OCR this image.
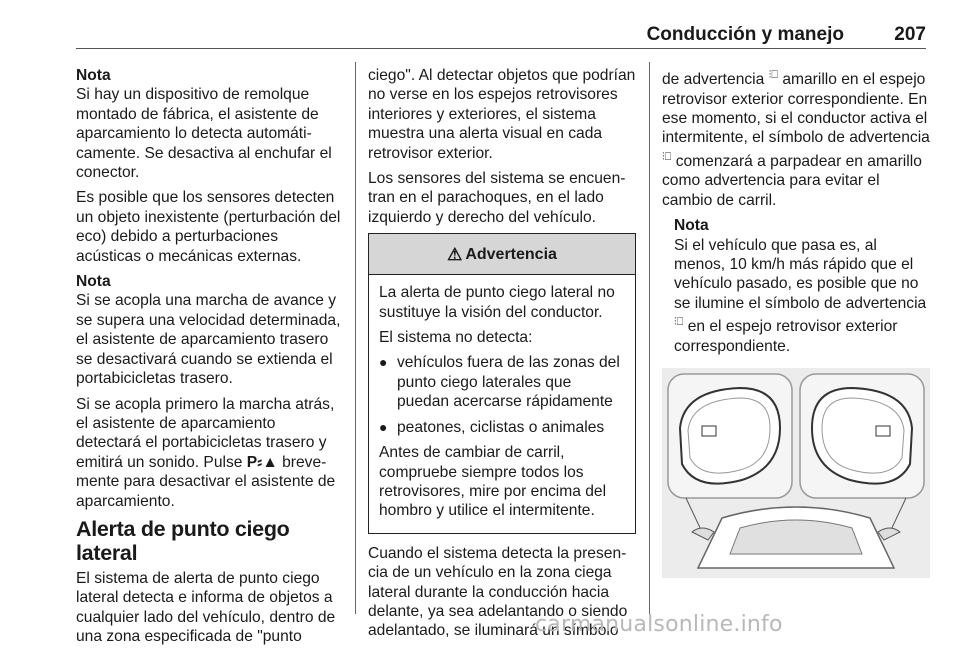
Conducción y manejo	207

Nota

Si hay un dispositivo de remolque montado de fábrica, el asistente de aparcamiento lo detecta automáticamente. Se desactiva al enchufar el conector.

Es posible que los sensores detecten un objeto inexistente (perturbación del eco) debido a perturbaciones acústicas o mecánicas externas.

Nota

Si se acopla una marcha de avance y se supera una velocidad determinada, el asistente de aparcamiento trasero se desactivará cuando se extienda el portabicicletas trasero.

Si se acopla primero la marcha atrás, el asistente de aparcamiento detectará el portabicicletas trasero y emitirá un sonido. Pulse P⸗▲ brevemente para desactivar el asistente de aparcamiento.

Alerta de punto ciego lateral

El sistema de alerta de punto ciego lateral detecta e informa de objetos a cualquier lado del vehículo, dentro de una zona especificada de "punto

ciego". Al detectar objetos que podrían no verse en los espejos retrovisores interiores y exteriores, el sistema muestra una alerta visual en cada retrovisor exterior.

Los sensores del sistema se encuentran en el parachoques, en el lado izquierdo y derecho del vehículo.

⚠ Advertencia

La alerta de punto ciego lateral no sustituye la visión del conductor.

El sistema no detecta:

● vehículos fuera de las zonas del punto ciego laterales que puedan acercarse rápidamente
● peatones, ciclistas o animales

Antes de cambiar de carril, compruebe siempre todos los retrovisores, mire por encima del hombro y utilice el intermitente.

Cuando el sistema detecta la presencia de un vehículo en la zona ciega lateral durante la conducción hacia delante, ya sea adelantando o siendo adelantado, se iluminará un símbolo

de advertencia ⫶⎕ amarillo en el espejo retrovisor exterior correspondiente. En ese momento, si el conductor activa el intermitente, el símbolo de advertencia ⫶⎕ comenzará a parpadear en amarillo como advertencia para evitar el cambio de carril.

Nota

Si el vehículo que pasa es, al menos, 10 km/h más rápido que el vehículo pasado, es posible que no se ilumine el símbolo de advertencia ⫶⎕ en el espejo retrovisor exterior correspondiente.

carmanualsonline.info
